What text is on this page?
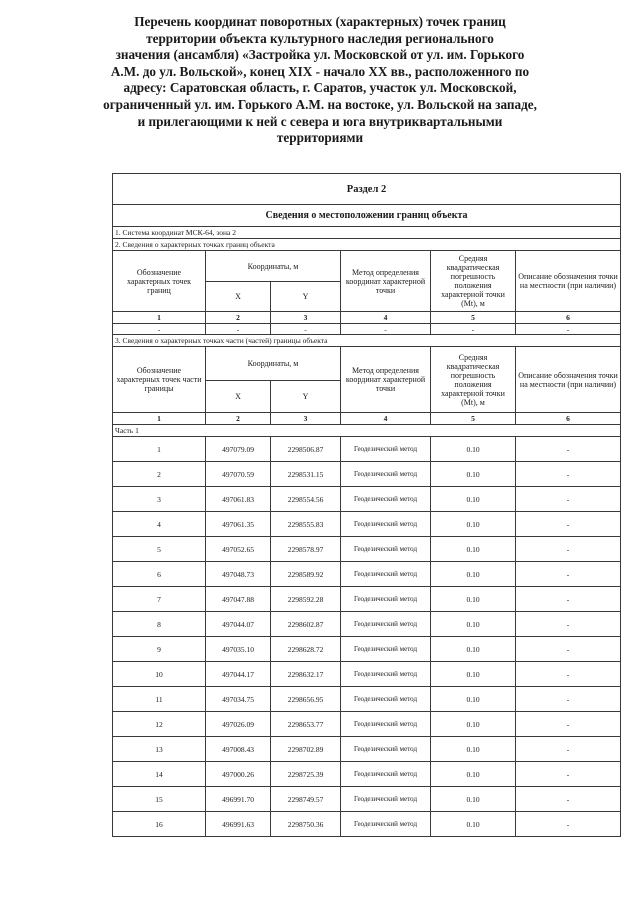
Перечень координат поворотных (характерных) точек границ
территории объекта культурного наследия регионального
значения (ансамбля) «Застройка ул. Московской от ул. им. Горького
А.М. до ул. Вольской», конец XIX - начало XX вв., расположенного по
адресу: Саратовская область, г. Саратов, участок ул. Московской,
ограниченный ул. им. Горького А.М. на востоке, ул. Вольской на западе,
и прилегающими к ней с севера и юга внутриквартальными
территориями
Раздел 2					
Сведения о местоположении границ объекта					
1. Система координат МСК-64, зона 2					
2. Сведения о характерных точках границ объекта					
Обозначение характерных точек границ	Координаты, м		Метод определения координат характерной точки	Средняя квадратическая погрешность положения характерной точки (Мt), м	Описание обозначения точки на местности (при наличии)
	X	Y			
1	2	3	4	5	6
-	-	-	-	-	-
3. Сведения о характерных точках части (частей) границы объекта					
Обозначение характерных точек части границы	Координаты, м		Метод определения координат характерной точки	Средняя квадратическая погрешность положения характерной точки (Мt), м	Описание обозначения точки на местности (при наличии)
	X	Y			
1	2	3	4	5	6
Часть 1					
1	497079.09	2298506.87	Геодезический метод	0.10	-
2	497070.59	2298531.15	Геодезический метод	0.10	-
3	497061.83	2298554.56	Геодезический метод	0.10	-
4	497061.35	2298555.83	Геодезический метод	0.10	-
5	497052.65	2298578.97	Геодезический метод	0.10	-
6	497048.73	2298589.92	Геодезический метод	0.10	-
7	497047.88	2298592.28	Геодезический метод	0.10	-
8	497044.07	2298602.87	Геодезический метод	0.10	-
9	497035.10	2298628.72	Геодезический метод	0.10	-
10	497044.17	2298632.17	Геодезический метод	0.10	-
11	497034.75	2298656.95	Геодезический метод	0.10	-
12	497026.09	2298653.77	Геодезический метод	0.10	-
13	497008.43	2298702.89	Геодезический метод	0.10	-
14	497000.26	2298725.39	Геодезический метод	0.10	-
15	496991.70	2298749.57	Геодезический метод	0.10	-
16	496991.63	2298750.36	Геодезический метод	0.10	-
